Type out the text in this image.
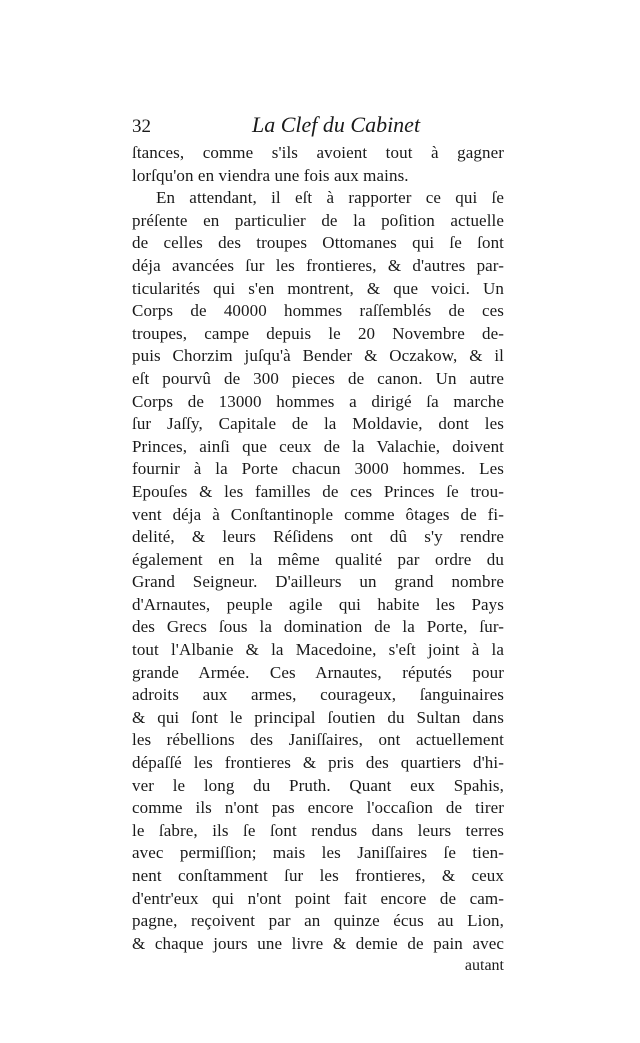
32	La Clef du Cabinet
ſtances, comme s'ils avoient tout à gagner
lorſqu'on en viendra une fois aux mains.
En attendant, il eſt à rapporter ce qui ſe
préſente en particulier de la poſition actuelle
de celles des troupes Ottomanes qui ſe ſont
déja avancées ſur les frontieres, & d'autres par-
ticularités qui s'en montrent, & que voici. Un
Corps de 40000 hommes raſſemblés de ces
troupes, campe depuis le 20 Novembre de-
puis Chorzim juſqu'à Bender & Oczakow, & il
eſt pourvû de 300 pieces de canon. Un autre
Corps de 13000 hommes a dirigé ſa marche
ſur Jaſſy, Capitale de la Moldavie, dont les
Princes, ainſi que ceux de la Valachie, doivent
fournir à la Porte chacun 3000 hommes. Les
Epouſes & les familles de ces Princes ſe trou-
vent déja à Conſtantinople comme ôtages de fi-
delité, & leurs Réſidens ont dû s'y rendre
également en la même qualité par ordre du
Grand Seigneur. D'ailleurs un grand nombre
d'Arnautes, peuple agile qui habite les Pays
des Grecs ſous la domination de la Porte, ſur-
tout l'Albanie & la Macedoine, s'eſt joint à la
grande Armée. Ces Arnautes, réputés pour
adroits aux armes, courageux, ſanguinaires
& qui ſont le principal ſoutien du Sultan dans
les rébellions des Janiſſaires, ont actuellement
dépaſſé les frontieres & pris des quartiers d'hi-
ver le long du Pruth. Quant eux Spahis,
comme ils n'ont pas encore l'occaſion de tirer
le ſabre, ils ſe ſont rendus dans leurs terres
avec permiſſion; mais les Janiſſaires ſe tien-
nent conſtamment ſur les frontieres, & ceux
d'entr'eux qui n'ont point fait encore de cam-
pagne, reçoivent par an quinze écus au Lion,
& chaque jours une livre & demie de pain avec
autant
